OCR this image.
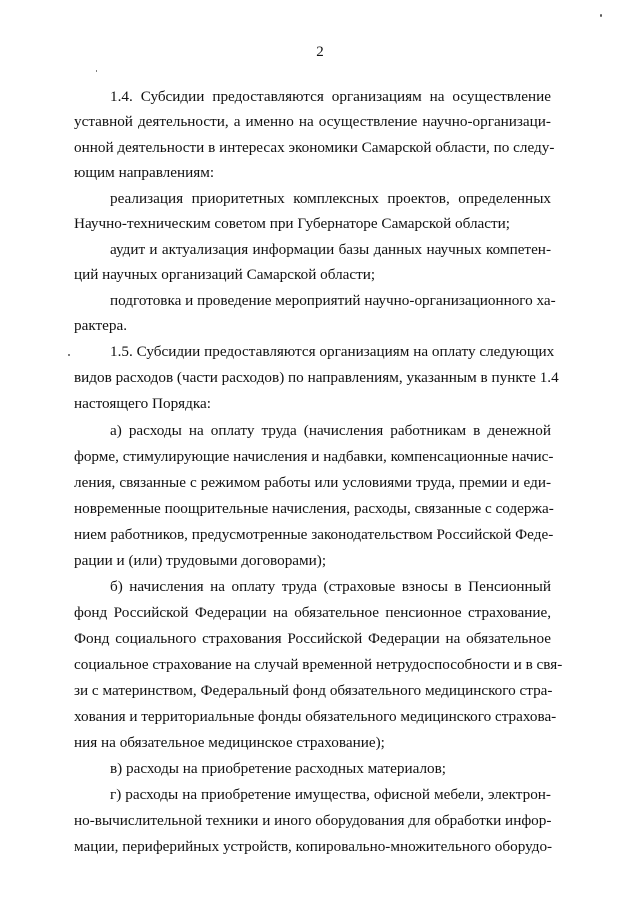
2
1.4. Субсидии предоставляются организациям на осуществление
уставной деятельности, а именно на осуществление научно-организаци-
онной деятельности в интересах экономики Самарской области, по следу-
ющим направлениям:
реализация приоритетных комплексных проектов, определенных
Научно-техническим советом при Губернаторе Самарской области;
аудит и актуализация информации базы данных научных компетен-
ций научных организаций Самарской области;
подготовка и проведение мероприятий научно-организационного ха-
рактера.
1.5. Субсидии предоставляются организациям на оплату следующих
видов расходов (части расходов) по направлениям, указанным в пункте 1.4
настоящего Порядка:
а) расходы на оплату труда (начисления работникам в денежной
форме, стимулирующие начисления и надбавки, компенсационные начис-
ления, связанные с режимом работы или условиями труда, премии и еди-
новременные поощрительные начисления, расходы, связанные с содержа-
нием работников, предусмотренные законодательством Российской Феде-
рации и (или) трудовыми договорами);
б) начисления на оплату труда (страховые взносы в Пенсионный
фонд Российской Федерации на обязательное пенсионное страхование,
Фонд социального страхования Российской Федерации на обязательное
социальное страхование на случай временной нетрудоспособности и в свя-
зи с материнством, Федеральный фонд обязательного медицинского стра-
хования и территориальные фонды обязательного медицинского страхова-
ния на обязательное медицинское страхование);
в) расходы на приобретение расходных материалов;
г) расходы на приобретение имущества, офисной мебели, электрон-
но-вычислительной техники и иного оборудования для обработки инфор-
мации, периферийных устройств, копировально-множительного оборудо-
